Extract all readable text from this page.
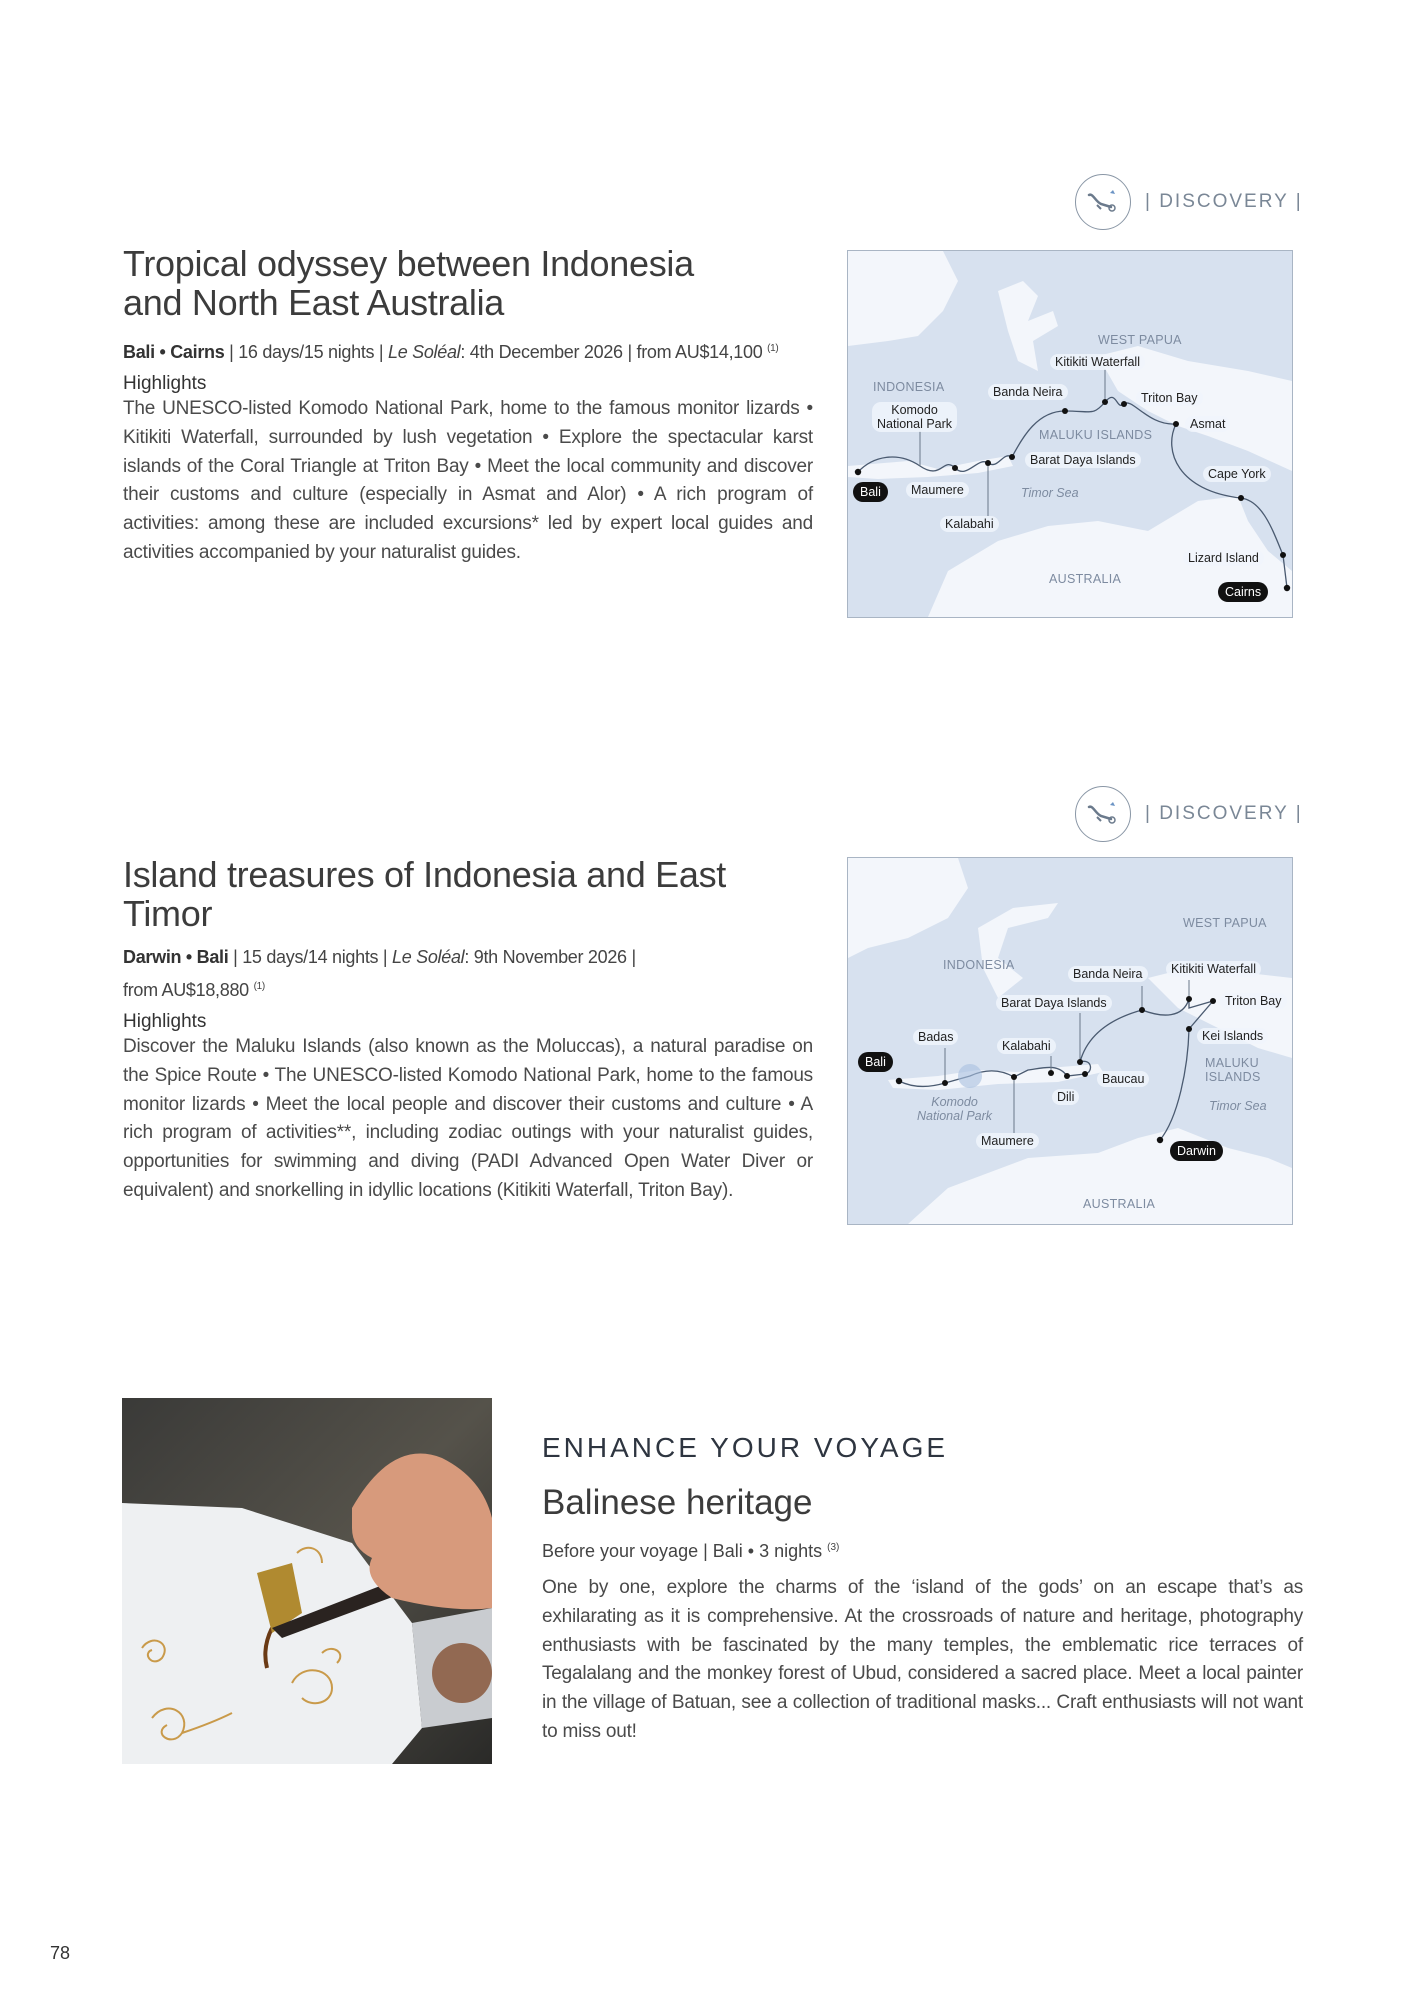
| DISCOVERY |
Tropical odyssey between Indonesia
and North East Australia
Bali • Cairns | 16 days/15 nights | Le Soléal: 4th December 2026 | from AU$14,100 $^{(1)}$
Highlights
The UNESCO-listed Komodo National Park, home to the famous monitor lizards • Kitikiti Waterfall, surrounded by lush vegetation • Explore the spectacular karst islands of the Coral Triangle at Triton Bay • Meet the local community and discover their customs and culture (especially in Asmat and Alor) • A rich program of activities: among these are included excursions* led by expert local guides and activities accompanied by your naturalist guides.
WEST PAPUA
Kitikiti Waterfall
INDONESIA	Banda Neira	Triton Bay
Komodo
National Park	Asmat
MALUKU ISLANDS
Barat Daya Islands
Cape York
Bali	Maumere	Timor Sea
Kalabahi
Lizard Island
AUSTRALIA
Cairns
| DISCOVERY |
Island treasures of Indonesia and East Timor
Darwin • Bali | 15 days/14 nights | Le Soléal: 9th November 2026 |
from AU$18,880 $^{(1)}$
Highlights
Discover the Maluku Islands (also known as the Moluccas), a natural paradise on the Spice Route • The UNESCO-listed Komodo National Park, home to the famous monitor lizards • Meet the local people and discover their customs and culture • A rich program of activities**, including zodiac outings with your naturalist guides, opportunities for swimming and diving (PADI Advanced Open Water Diver or equivalent) and snorkelling in idyllic locations (Kitikiti Waterfall, Triton Bay).
WEST PAPUA
INDONESIA
Banda Neira	Kitikiti Waterfall
Barat Daya Islands	Triton Bay
Badas	Kei Islands
Kalabahi
Bali	MALUKU
ISLANDS
Baucau
Dili
Komodo
National Park
Timor Sea
Maumere
Darwin
AUSTRALIA
ENHANCE YOUR VOYAGE
Balinese heritage
Before your voyage | Bali • 3 nights $^{(3)}$
One by one, explore the charms of the ‘island of the gods’ on an escape that’s as exhilarating as it is comprehensive. At the crossroads of nature and heritage, photography enthusiasts with be fascinated by the many temples, the emblematic rice terraces of Tegalalang and the monkey forest of Ubud, considered a sacred place. Meet a local painter in the village of Batuan, see a collection of traditional masks... Craft enthusiasts will not want to miss out!
78
